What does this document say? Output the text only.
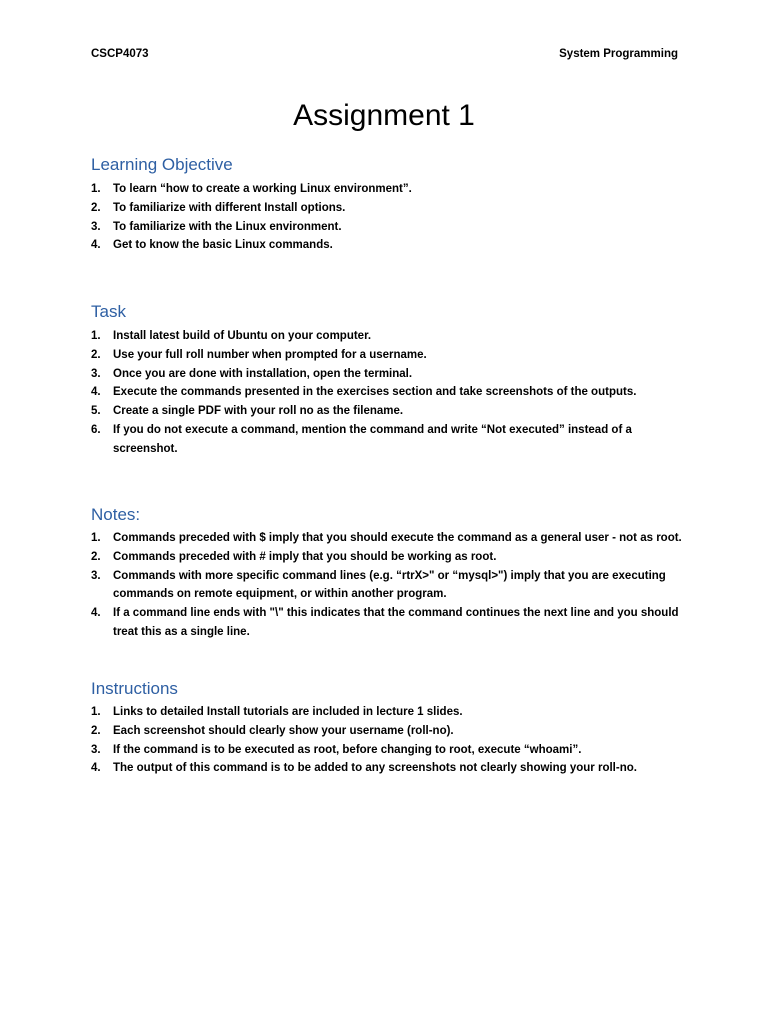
CSCP4073	System Programming
Assignment 1
Learning Objective
1. To learn “how to create a working Linux environment”.
2. To familiarize with different Install options.
3. To familiarize with the Linux environment.
4. Get to know the basic Linux commands.
Task
1. Install latest build of Ubuntu on your computer.
2. Use your full roll number when prompted for a username.
3. Once you are done with installation, open the terminal.
4. Execute the commands presented in the exercises section and take screenshots of the outputs.
5. Create a single PDF with your roll no as the filename.
6. If you do not execute a command, mention the command and write “Not executed” instead of a screenshot.
Notes:
1. Commands preceded with $ imply that you should execute the command as a general user - not as root.
2. Commands preceded with # imply that you should be working as root.
3. Commands with more specific command lines (e.g. “rtrX>" or “mysql>") imply that you are executing commands on remote equipment, or within another program.
4. If a command line ends with "\" this indicates that the command continues the next line and you should treat this as a single line.
Instructions
1. Links to detailed Install tutorials are included in lecture 1 slides.
2. Each screenshot should clearly show your username (roll-no).
3. If the command is to be executed as root, before changing to root, execute “whoami”.
4. The output of this command is to be added to any screenshots not clearly showing your roll-no.
